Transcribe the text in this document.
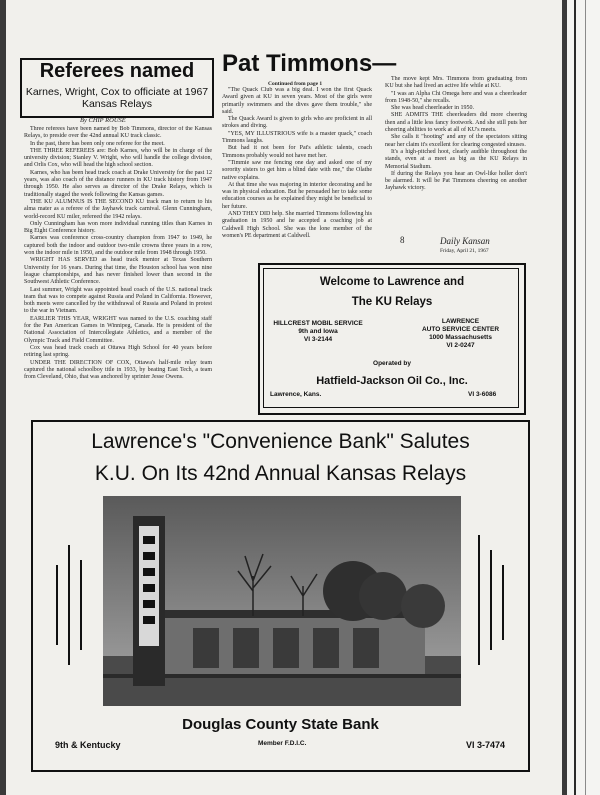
Referees named
Karnes, Wright, Cox to officiate at 1967 Kansas Relays
By CHIP ROUSE

Three referees have been named by Bob Timmons, director of the Kansas Relays, to preside over the 42nd annual KU track classic.

In the past, there has been only one referee for the meet.

THE THREE REFEREES are: Bob Karnes, who will be in charge of the university division; Stanley V. Wright, who will handle the college division, and Orlis Cox, who will head the high school section.

Karnes, who has been head track coach at Drake University for the past 12 years, was also coach of the distance runners in KU track history from 1947 through 1950. He also serves as director of the Drake Relays, which is traditionally staged the week following the Kansas games.

THE KU ALUMNUS IS THE SECOND KU track man to return to his alma mater as a referee of the Jayhawk track carnival. Glenn Cunningham, world-record KU miler, refereed the 1942 relays.

Only Cunningham has won more individual running titles than Karnes in Big Eight Conference history.

Karnes was conference cross-country champion from 1947 to 1949, he captured both the indoor and outdoor two-mile crowns three years in a row, won the indoor mile in 1950, and the outdoor mile from 1948 through 1950.

WRIGHT HAS SERVED as head track mentor at Texas Southern University for 16 years. During that time, the Houston school has won nine league championships, and has never finished lower than second in the Southwest Athletic Conference.

Last summer, Wright was appointed head coach of the U.S. national track team that was to compete against Russia and Poland in California. However, both meets were cancelled by the withdrawal of Russia and Poland in protest to the war in Vietnam.

EARLIER THIS YEAR, WRIGHT was named to the U.S. coaching staff for the Pan American Games in Winnipeg, Canada. He is president of the National Association of Intercollegiate Athletics, and a member of the Olympic Track and Field Committee.

Cox was head track coach at Ottawa High School for 40 years before retiring last spring.

UNDER THE DIRECTION OF COX, Ottawa's half-mile relay team captured the national schoolboy title in 1933, by beating East Tech, a team from Cleveland, Ohio, that was anchored by sprinter Jesse Owens.

Pat Timmons—
Continued from page 1

"The Quack Club was a big deal. I won the first Quack Award given at KU in seven years. Most of the girls were primarily swimmers and the dives gave them trouble," she said.

The Quack Award is given to girls who are proficient in all strokes and diving.

"YES, MY ILLUSTRIOUS wife is a master quack," coach Timmons laughs.

But had it not been for Pat's athletic talents, coach Timmons probably would not have met her.

"Timmie saw me fencing one day and asked one of my sorority sisters to get him a blind date with me," the Olathe native explains.

At that time she was majoring in interior decorating and he was in physical education. But he persuaded her to take some education courses as he explained they might be beneficial to her future.

AND THEY DID help. She married Timmons following his graduation in 1950 and he accepted a coaching job at Caldwell High School. She was the lone member of the women's PE department at Caldwell.

The move kept Mrs. Timmons from graduating from KU but she had lived an active life while at KU.

"I was an Alpha Chi Omega here and was a cheerleader from 1948-50," she recalls.

She was head cheerleader in 1950.

SHE ADMITS THE cheerleaders did more cheering then and a little less fancy footwork. And she still puts her cheering abilities to work at all of KU's meets.

She calls it "hooting" and any of the spectators sitting near her claim it's excellent for clearing congested sinuses.

It's a high-pitched hoot, clearly audible throughout the stands, even at a meet as big as the KU Relays in Memorial Stadium.

If during the Relays you hear an Owl-like holler don't be alarmed. It will be Pat Timmons cheering on another Jayhawk victory.

8	Daily Kansan
Friday, April 21, 1967
Welcome to Lawrence and
The KU Relays
HILLCREST MOBIL SERVICE
9th and Iowa
VI 3-2144
LAWRENCE
AUTO SERVICE CENTER
1000 Massachusetts
VI 2-0247
Operated by
Hatfield-Jackson Oil Co., Inc.
Lawrence, Kans.	VI 3-6086
Lawrence's "Convenience Bank" Salutes
K.U. On Its 42nd Annual Kansas Relays
Douglas County State Bank
9th & Kentucky	Member F.D.I.C.	VI 3-7474
